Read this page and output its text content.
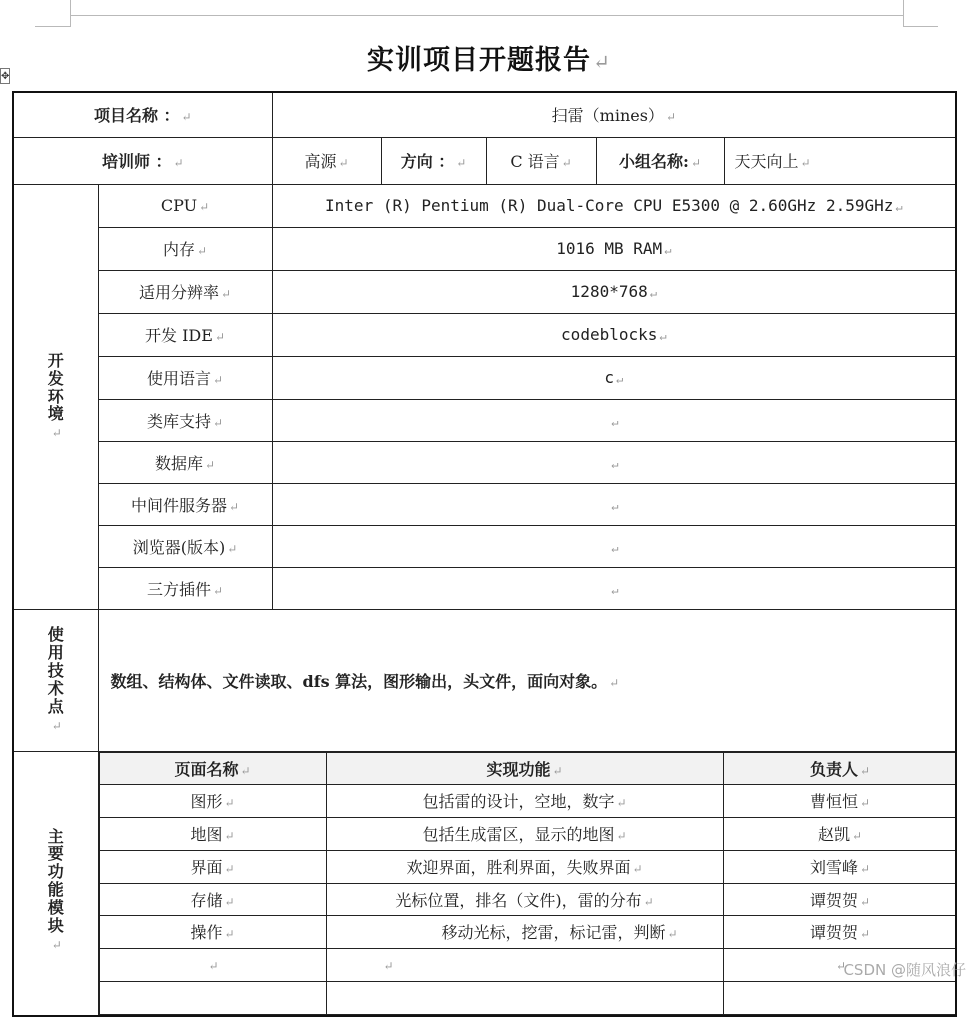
实训项目开题报告↵
✥
项目名称 ： ↵	扫雷（mines） ↵
培训师 ： ↵	高源 ↵	方向 ： ↵	C 语言 ↵	小组名称: ↵	天天向上 ↵

开
发
环
境
↵	CPU ↵	Inter (R) Pentium (R) Dual-Core CPU E5300 @ 2.60GHz 2.59GHz ↵
内存 ↵	1016 MB RAM ↵
适用分辨率 ↵	1280*768 ↵
开发 IDE ↵	codeblocks ↵
使用语言 ↵	c ↵
类库支持 ↵	↵
数据库 ↵	↵
中间件服务器 ↵	↵
浏览器(版本) ↵	↵
三方插件 ↵	↵

使
用
技
术
点
↵	数组、结构体、文件读取、dfs 算法，图形输出，头文件，面向对象。 ↵

主
要
功
能
模
块
↵	
页面名称 ↵	实现功能 ↵	负责人 ↵
图形 ↵	包括雷的设计，空地，数字 ↵	曹恒恒 ↵
地图 ↵	包括生成雷区，显示的地图 ↵	赵凯 ↵
界面 ↵	欢迎界面，胜利界面，失败界面 ↵	刘雪峰 ↵
存储 ↵	光标位置，排名（文件)，雷的分布 ↵	谭贺贺 ↵
操作 ↵	移动光标，挖雷，标记雷，判断 ↵	谭贺贺 ↵
↵	↵	↵

CSDN @随风浪仔
